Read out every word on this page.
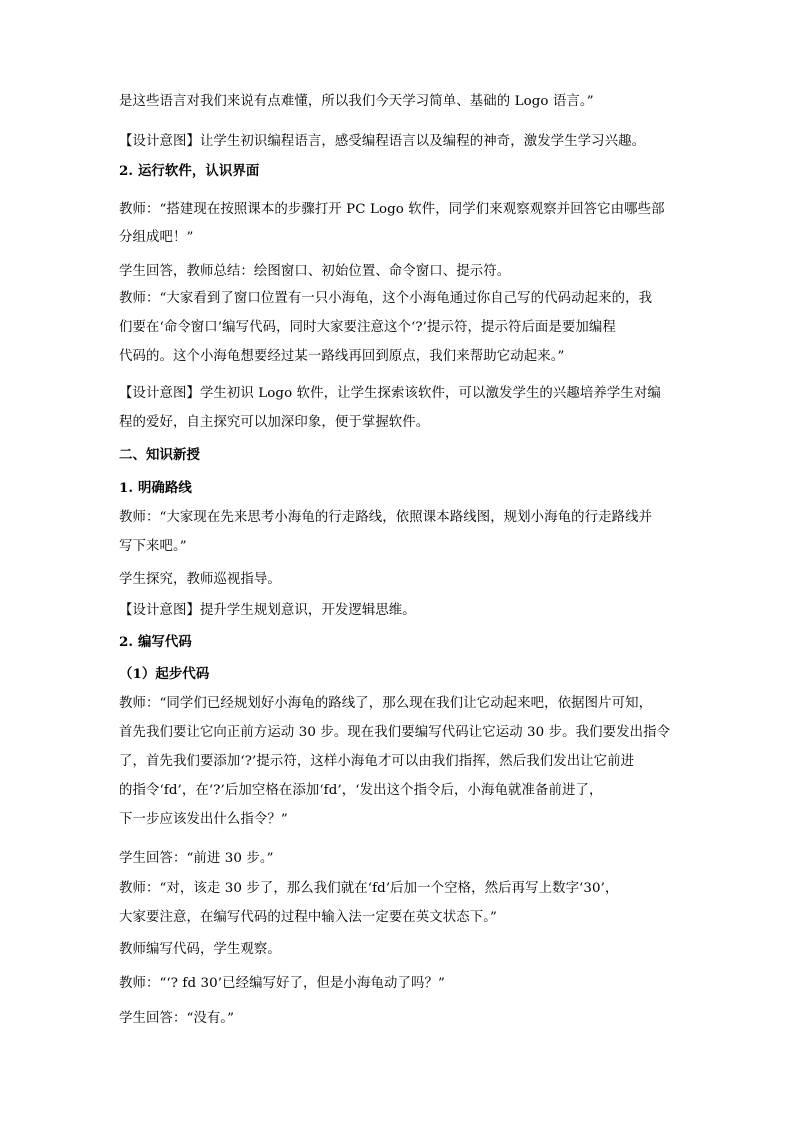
是这些语言对我们来说有点难懂，所以我们今天学习简单、基础的 Logo 语言。”
【设计意图】让学生初识编程语言，感受编程语言以及编程的神奇，激发学生学习兴趣。
2. 运行软件，认识界面
教师：“搭建现在按照课本的步骤打开 PC Logo 软件，同学们来观察观察并回答它由哪些部
分组成吧！”
学生回答，教师总结：绘图窗口、初始位置、命令窗口、提示符。
教师：“大家看到了窗口位置有一只小海龟，这个小海龟通过你自己写的代码动起来的，我
们要在‘命令窗口’编写代码，同时大家要注意这个‘?’提示符，提示符后面是要加编程
代码的。这个小海龟想要经过某一路线再回到原点，我们来帮助它动起来。”
【设计意图】学生初识 Logo 软件，让学生探索该软件，可以激发学生的兴趣培养学生对编
程的爱好，自主探究可以加深印象，便于掌握软件。
二、知识新授
1. 明确路线
教师：“大家现在先来思考小海龟的行走路线，依照课本路线图，规划小海龟的行走路线并
写下来吧。”
学生探究，教师巡视指导。
【设计意图】提升学生规划意识，开发逻辑思维。
2. 编写代码
（1）起步代码
教师：“同学们已经规划好小海龟的路线了，那么现在我们让它动起来吧，依据图片可知，
首先我们要让它向正前方运动 30 步。现在我们要编写代码让它运动 30 步。我们要发出指令
了，首先我们要添加‘?’提示符，这样小海龟才可以由我们指挥，然后我们发出让它前进
的指令‘fd’，在‘?’后加空格在添加‘fd’，‘发出这个指令后，小海龟就准备前进了，
下一步应该发出什么指令？”
学生回答：“前进 30 步。”
教师：“对，该走 30 步了，那么我们就在‘fd’后加一个空格，然后再写上数字‘30’，
大家要注意，在编写代码的过程中输入法一定要在英文状态下。”
教师编写代码，学生观察。
教师：“‘? fd 30’已经编写好了，但是小海龟动了吗？”
学生回答：“没有。”
